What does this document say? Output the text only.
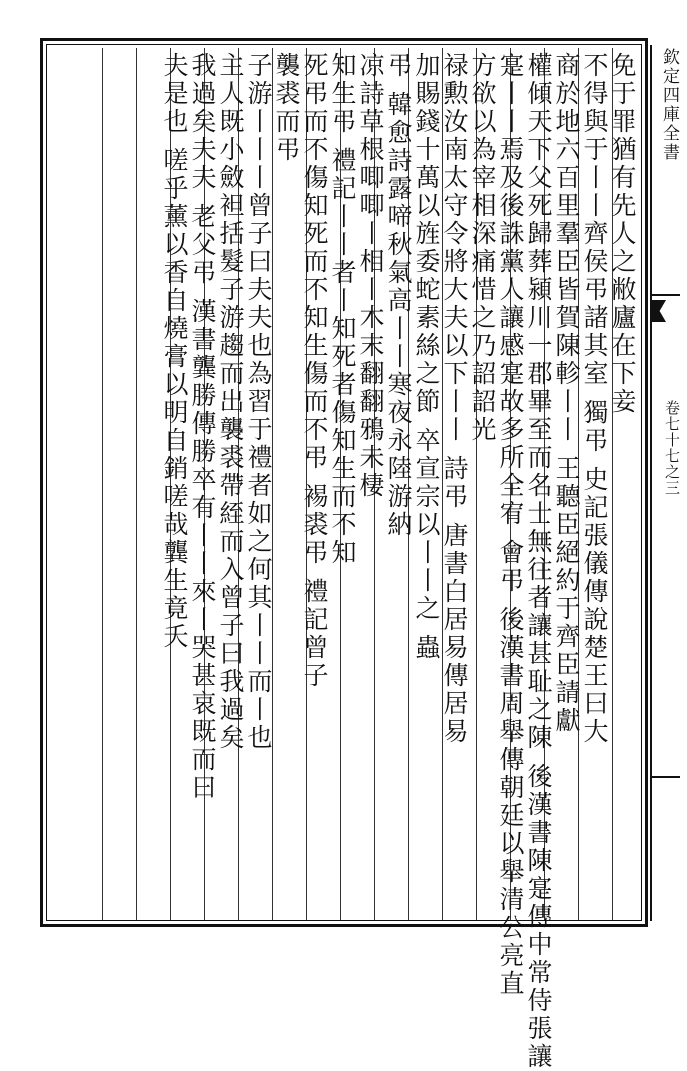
欽定四庫全書
卷七十七之三
免于罪猶有先人之敝廬在下妾
不得與于丨丨齊侯弔諸其室 獨弔 史記張儀傳說楚王曰大
商於地六百里羣臣皆賀陳軫丨丨 王聽臣絕約于齊臣請獻
權傾天下父死歸葬潁川一郡畢至而名士無往者讓甚耻之陳 後漢書陳寔傳中常侍張讓
寔丨丨焉及後誅黨人讓感寔故多所全宥 會弔 後漢書周舉傳朝廷以舉清公亮直
方欲以為宰相深痛惜之乃詔詔光
禄勲汝南太守令將大夫以下丨丨 詩弔 唐書白居易傳居易
加賜錢十萬以旌委蛇素絲之節 卒宣宗以丨丨之 蟲
弔 韓愈詩露啼秋氣高丨丨寒夜永陸游納
凉詩草根唧唧丨相丨木末翻翻鴉未棲
知生弔 禮記丨丨者丨知死者傷知生而不知
死弔而不傷知死而不知生傷而不弔 裼裘弔 禮記曾子
襲裘而弔
子游丨丨丨曾子曰夫夫也為習于禮者如之何其丨丨而丨也
主人既小斂袒括髮子游趨而出襲裘帶絰而入曾子曰我過矣
我過矣夫夫 老父弔 漢書龔勝傳勝卒有丨丨來丨哭甚哀既而曰
夫是也 嗟乎薰以香自燒膏以明自銷嗟哉龔生竟夭
